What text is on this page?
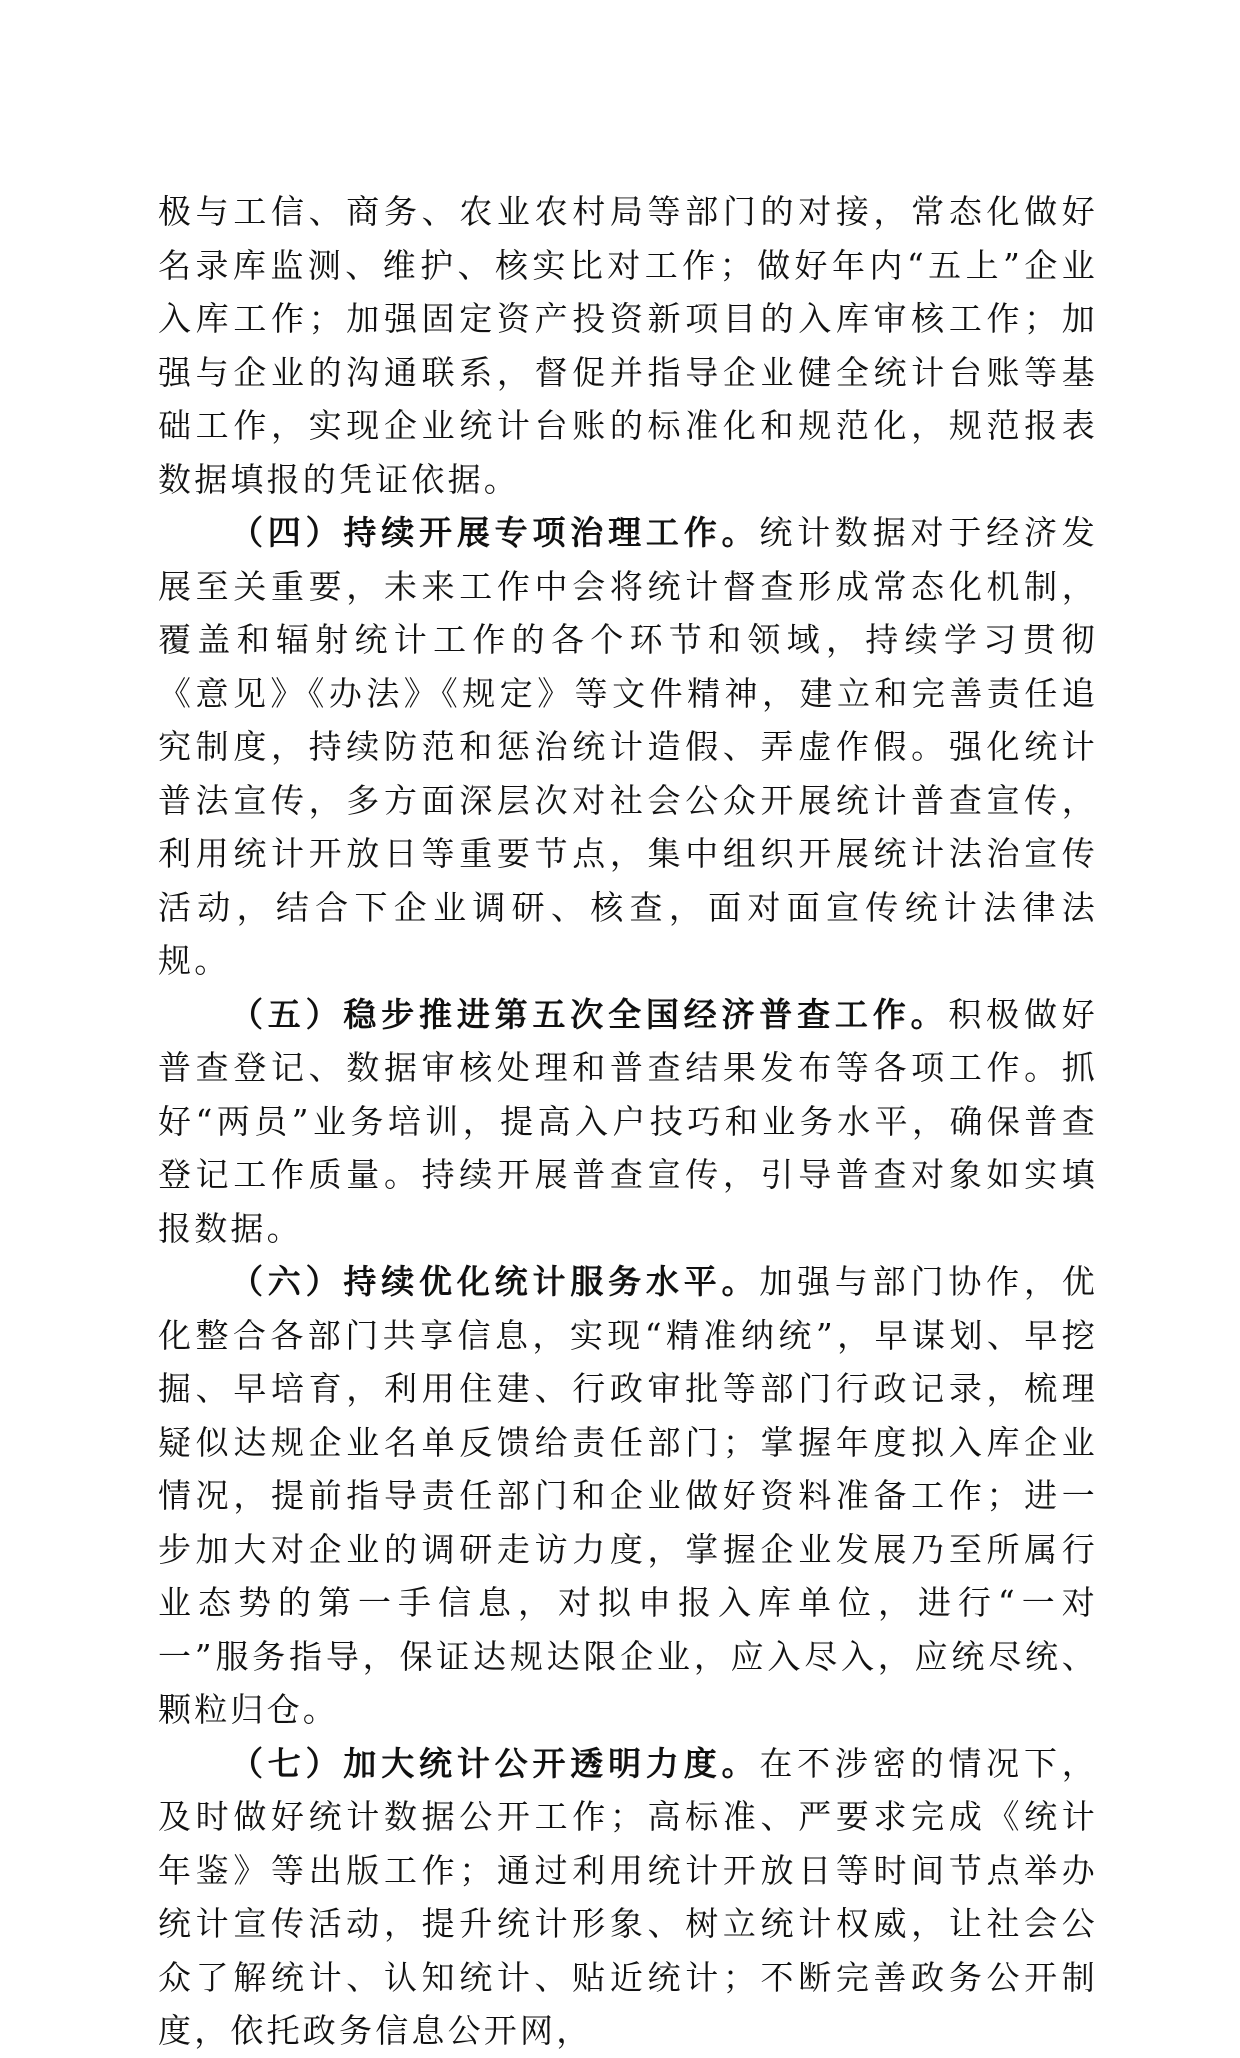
极与工信、商务、农业农村局等部门的对接，常态化做好名录库监测、维护、核实比对工作；做好年内“五上”企业入库工作；加强固定资产投资新项目的入库审核工作；加强与企业的沟通联系，督促并指导企业健全统计台账等基础工作，实现企业统计台账的标准化和规范化，规范报表数据填报的凭证依据。

（四）持续开展专项治理工作。统计数据对于经济发展至关重要，未来工作中会将统计督查形成常态化机制，覆盖和辐射统计工作的各个环节和领域，持续学习贯彻《意见》《办法》《规定》等文件精神，建立和完善责任追究制度，持续防范和惩治统计造假、弄虚作假。强化统计普法宣传，多方面深层次对社会公众开展统计普查宣传，利用统计开放日等重要节点，集中组织开展统计法治宣传活动，结合下企业调研、核查，面对面宣传统计法律法规。

（五）稳步推进第五次全国经济普查工作。积极做好普查登记、数据审核处理和普查结果发布等各项工作。抓好“两员”业务培训，提高入户技巧和业务水平，确保普查登记工作质量。持续开展普查宣传，引导普查对象如实填报数据。

（六）持续优化统计服务水平。加强与部门协作，优化整合各部门共享信息，实现“精准纳统”，早谋划、早挖掘、早培育，利用住建、行政审批等部门行政记录，梳理疑似达规企业名单反馈给责任部门；掌握年度拟入库企业情况，提前指导责任部门和企业做好资料准备工作；进一步加大对企业的调研走访力度，掌握企业发展乃至所属行业态势的第一手信息，对拟申报入库单位，进行“一对一”服务指导，保证达规达限企业，应入尽入，应统尽统、颗粒归仓。

（七）加大统计公开透明力度。在不涉密的情况下，及时做好统计数据公开工作；高标准、严要求完成《统计年鉴》等出版工作；通过利用统计开放日等时间节点举办统计宣传活动，提升统计形象、树立统计权威，让社会公众了解统计、认知统计、贴近统计；不断完善政务公开制度，依托政务信息公开网，
